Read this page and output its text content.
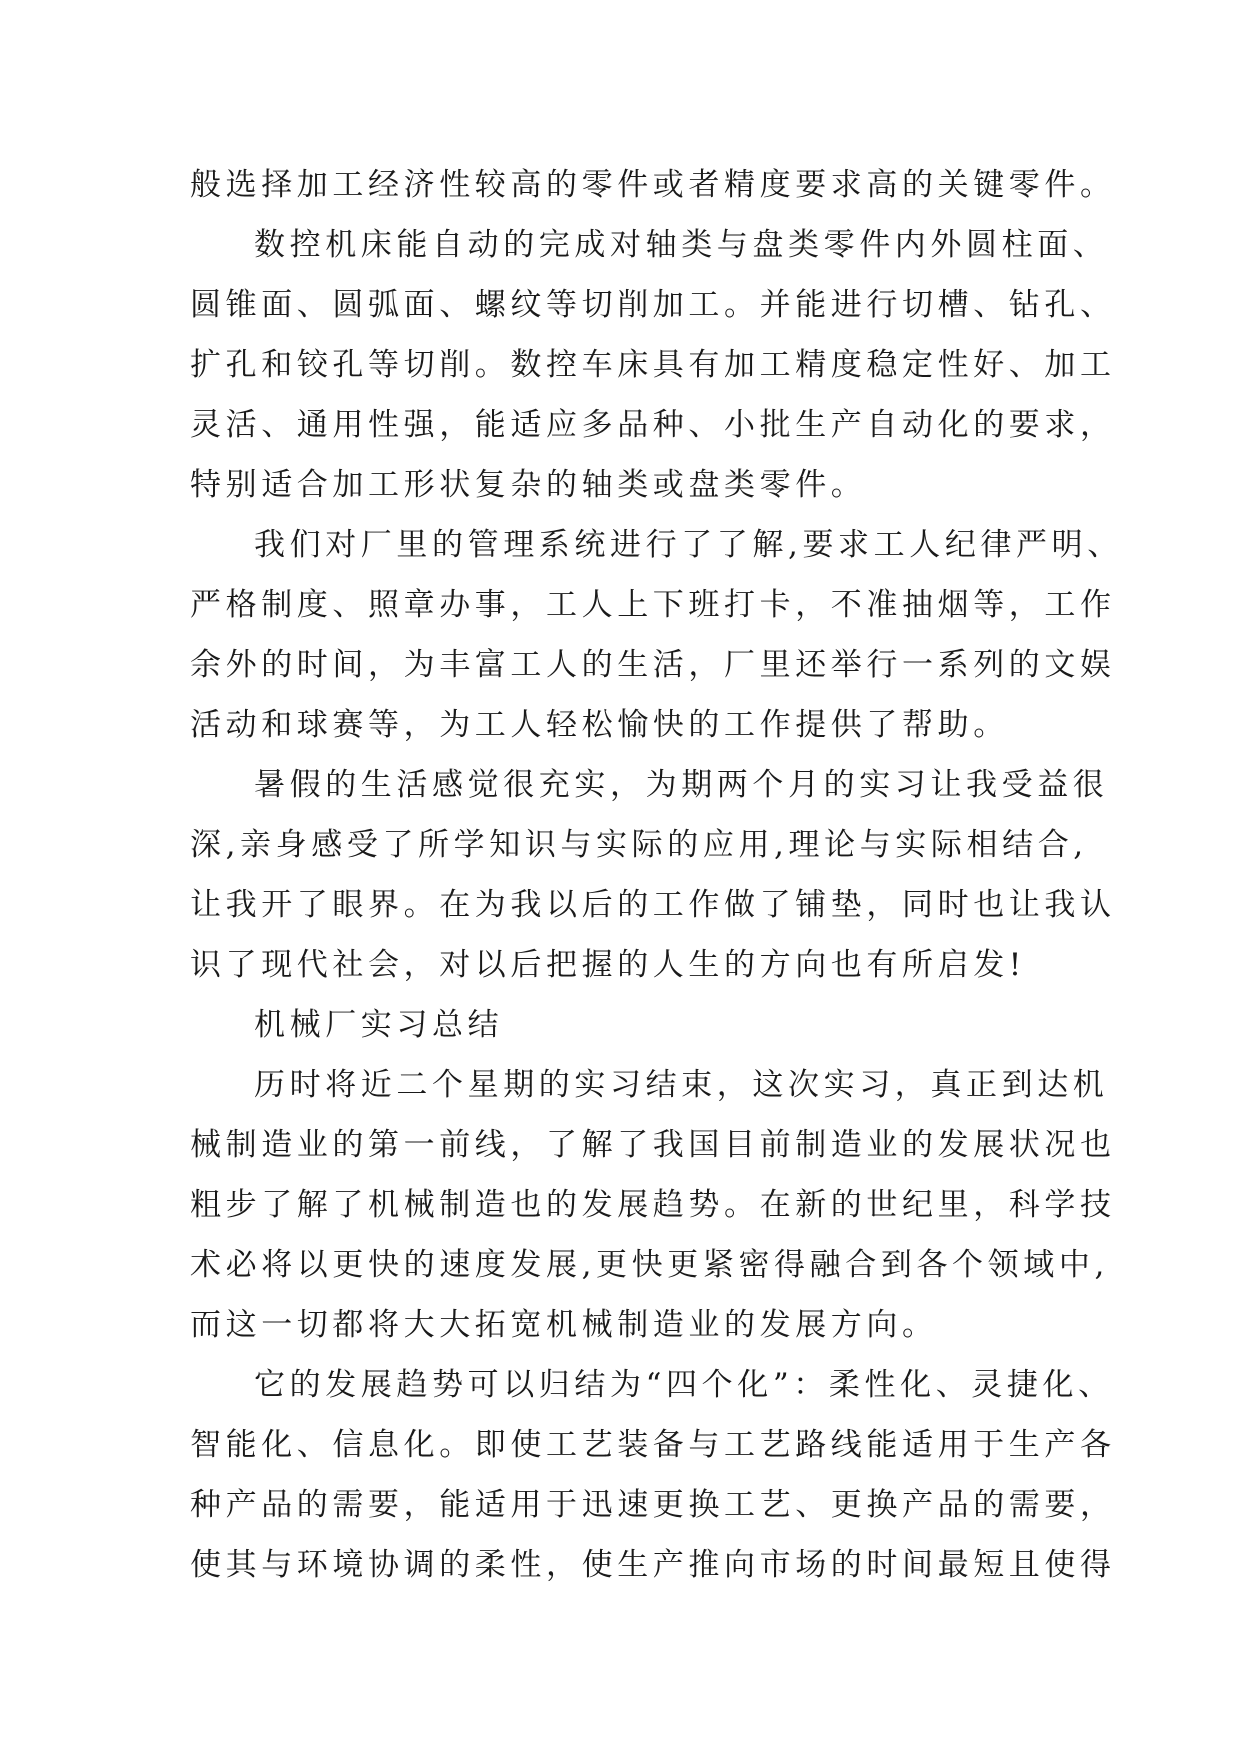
般选择加工经济性较高的零件或者精度要求高的关键零件。
数控机床能自动的完成对轴类与盘类零件内外圆柱面、
圆锥面、圆弧面、螺纹等切削加工。并能进行切槽、钻孔、
扩孔和铰孔等切削。数控车床具有加工精度稳定性好、加工
灵活、通用性强，能适应多品种、小批生产自动化的要求，
特别适合加工形状复杂的轴类或盘类零件。
我们对厂里的管理系统进行了了解,要求工人纪律严明、
严格制度、照章办事，工人上下班打卡，不准抽烟等，工作
余外的时间，为丰富工人的生活，厂里还举行一系列的文娱
活动和球赛等，为工人轻松愉快的工作提供了帮助。
暑假的生活感觉很充实，为期两个月的实习让我受益很
深,亲身感受了所学知识与实际的应用,理论与实际相结合,
让我开了眼界。在为我以后的工作做了铺垫，同时也让我认
识了现代社会，对以后把握的人生的方向也有所启发!
机械厂实习总结
历时将近二个星期的实习结束，这次实习，真正到达机
械制造业的第一前线，了解了我国目前制造业的发展状况也
粗步了解了机械制造也的发展趋势。在新的世纪里，科学技
术必将以更快的速度发展,更快更紧密得融合到各个领域中,
而这一切都将大大拓宽机械制造业的发展方向。
它的发展趋势可以归结为“四个化”：柔性化、灵捷化、
智能化、信息化。即使工艺装备与工艺路线能适用于生产各
种产品的需要，能适用于迅速更换工艺、更换产品的需要，
使其与环境协调的柔性，使生产推向市场的时间最短且使得
